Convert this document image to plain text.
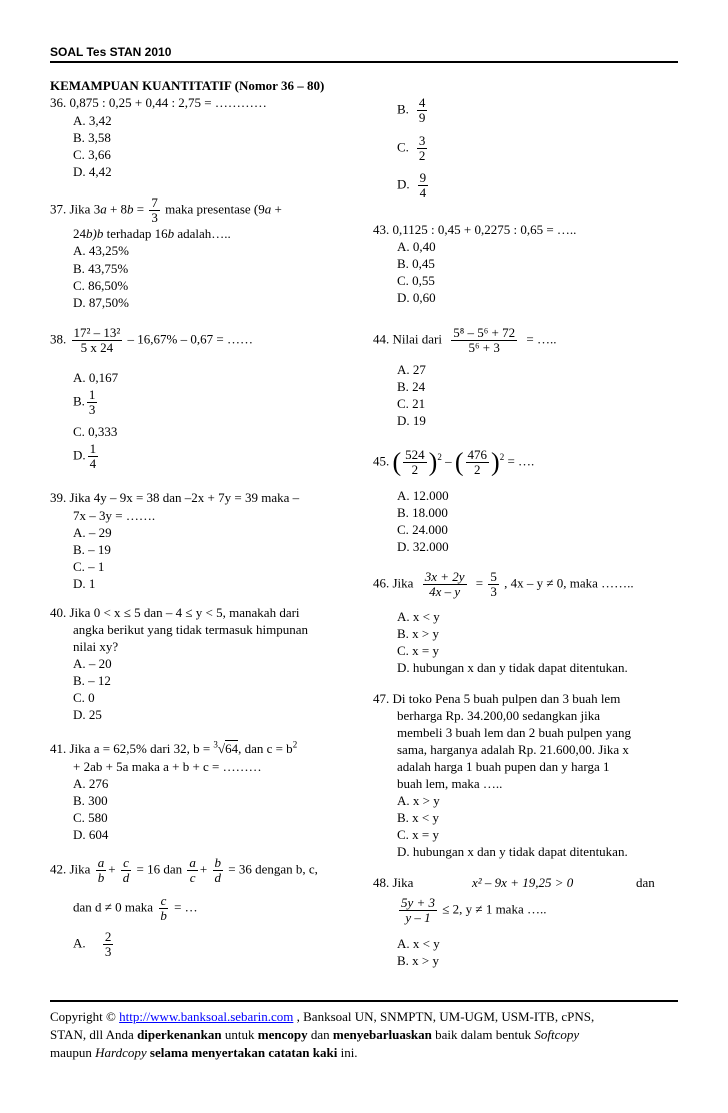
SOAL Tes STAN 2010
KEMAMPUAN KUANTITATIF (Nomor 36 – 80)
36. 0,875 : 0,25 + 0,44 : 2,75 = …………
A. 3,42
B. 3,58
C. 3,66
D. 4,42
37. Jika $3a + 8b = \frac{7}{3}$ maka presentase (9a +
24b)b terhadap 16b adalah…..
A. 43,25%
B. 43,75%
C. 86,50%
D. 87,50%
38. $\frac{\text{17² – 13²}}{5 x 24} - 16,67\% - 0,67$ = ……
A. 0,167
B. $\frac{1}{3}$
C. 0,333
D. $\frac{1}{4}$
39. Jika 4y – 9x = 38 dan –2x + 7y = 39 maka –
7x – 3y = …….
A. – 29
B. – 19
C. – 1
D. 1
40. Jika 0 < x ≤ 5 dan – 4 ≤ y < 5, manakah dari
angka berikut yang tidak termasuk himpunan
nilai xy?
A. – 20
B. – 12
C. 0
D. 25
41. Jika a = 62,5% dari 32, b = $^3$√64, dan $c = b^2$
+ 2ab + 5a maka a + b + c = ………
A. 276
B. 300
C. 580
D. 604
42. Jika $\frac{a}{b} + \frac{c}{d} = 16$ dan $\frac{a}{c} + \frac{b}{d} = 36$ dengan b, c,
dan d ≠ 0 maka $\frac{c}{b}$ = …
A. $\frac{2}{3}$
B. $\frac{4}{9}$
C. $\frac{3}{2}$
D. $\frac{9}{4}$
43. 0,1125 : 0,45 + 0,2275 : 0,65 = …..
A. 0,40
B. 0,45
C. 0,55
D. 0,60
44. Nilai dari $\frac{\text{5⁸ – 5⁶ + 72}}{\text{5⁶ + 3}}$ = …..
A. 27
B. 24
C. 21
D. 19
45. ( $\frac{524}{2} )^2$ – ( $\frac{476}{2} )^2$ = ….
A. 12.000
B. 18.000
C. 24.000
D. 32.000
46. Jika $\frac{3x + 2y}{4x - y} = \frac{5}{3}$ , 4x – y ≠ 0, maka ……..
A. x < y
B. x > y
C. x = y
D. hubungan x dan y tidak dapat ditentukan.
47. Di toko Pena 5 buah pulpen dan 3 buah lem
berharga Rp. 34.200,00 sedangkan jika
membeli 3 buah lem dan 2 buah pulpen yang
sama, harganya adalah Rp. 21.600,00. Jika x
adalah harga 1 buah pupen dan y harga 1
buah lem, maka …..
A. x > y
B. x < y
C. x = y
D. hubungan x dan y tidak dapat ditentukan.
48. Jika	x² – 9x + 19,25 > 0	dan
$\frac{5y + 3}{y - 1} \le 2$, y ≠ 1 maka …..
A. x < y
B. x > y
Copyright © http://www.banksoal.sebarin.com , Banksoal UN, SNMPTN, UM-UGM, USM-ITB, cPNS,
STAN, dll Anda diperkenankan untuk mencopy dan menyebarluaskan baik dalam bentuk Softcopy
maupun Hardcopy selama menyertakan catatan kaki ini.
